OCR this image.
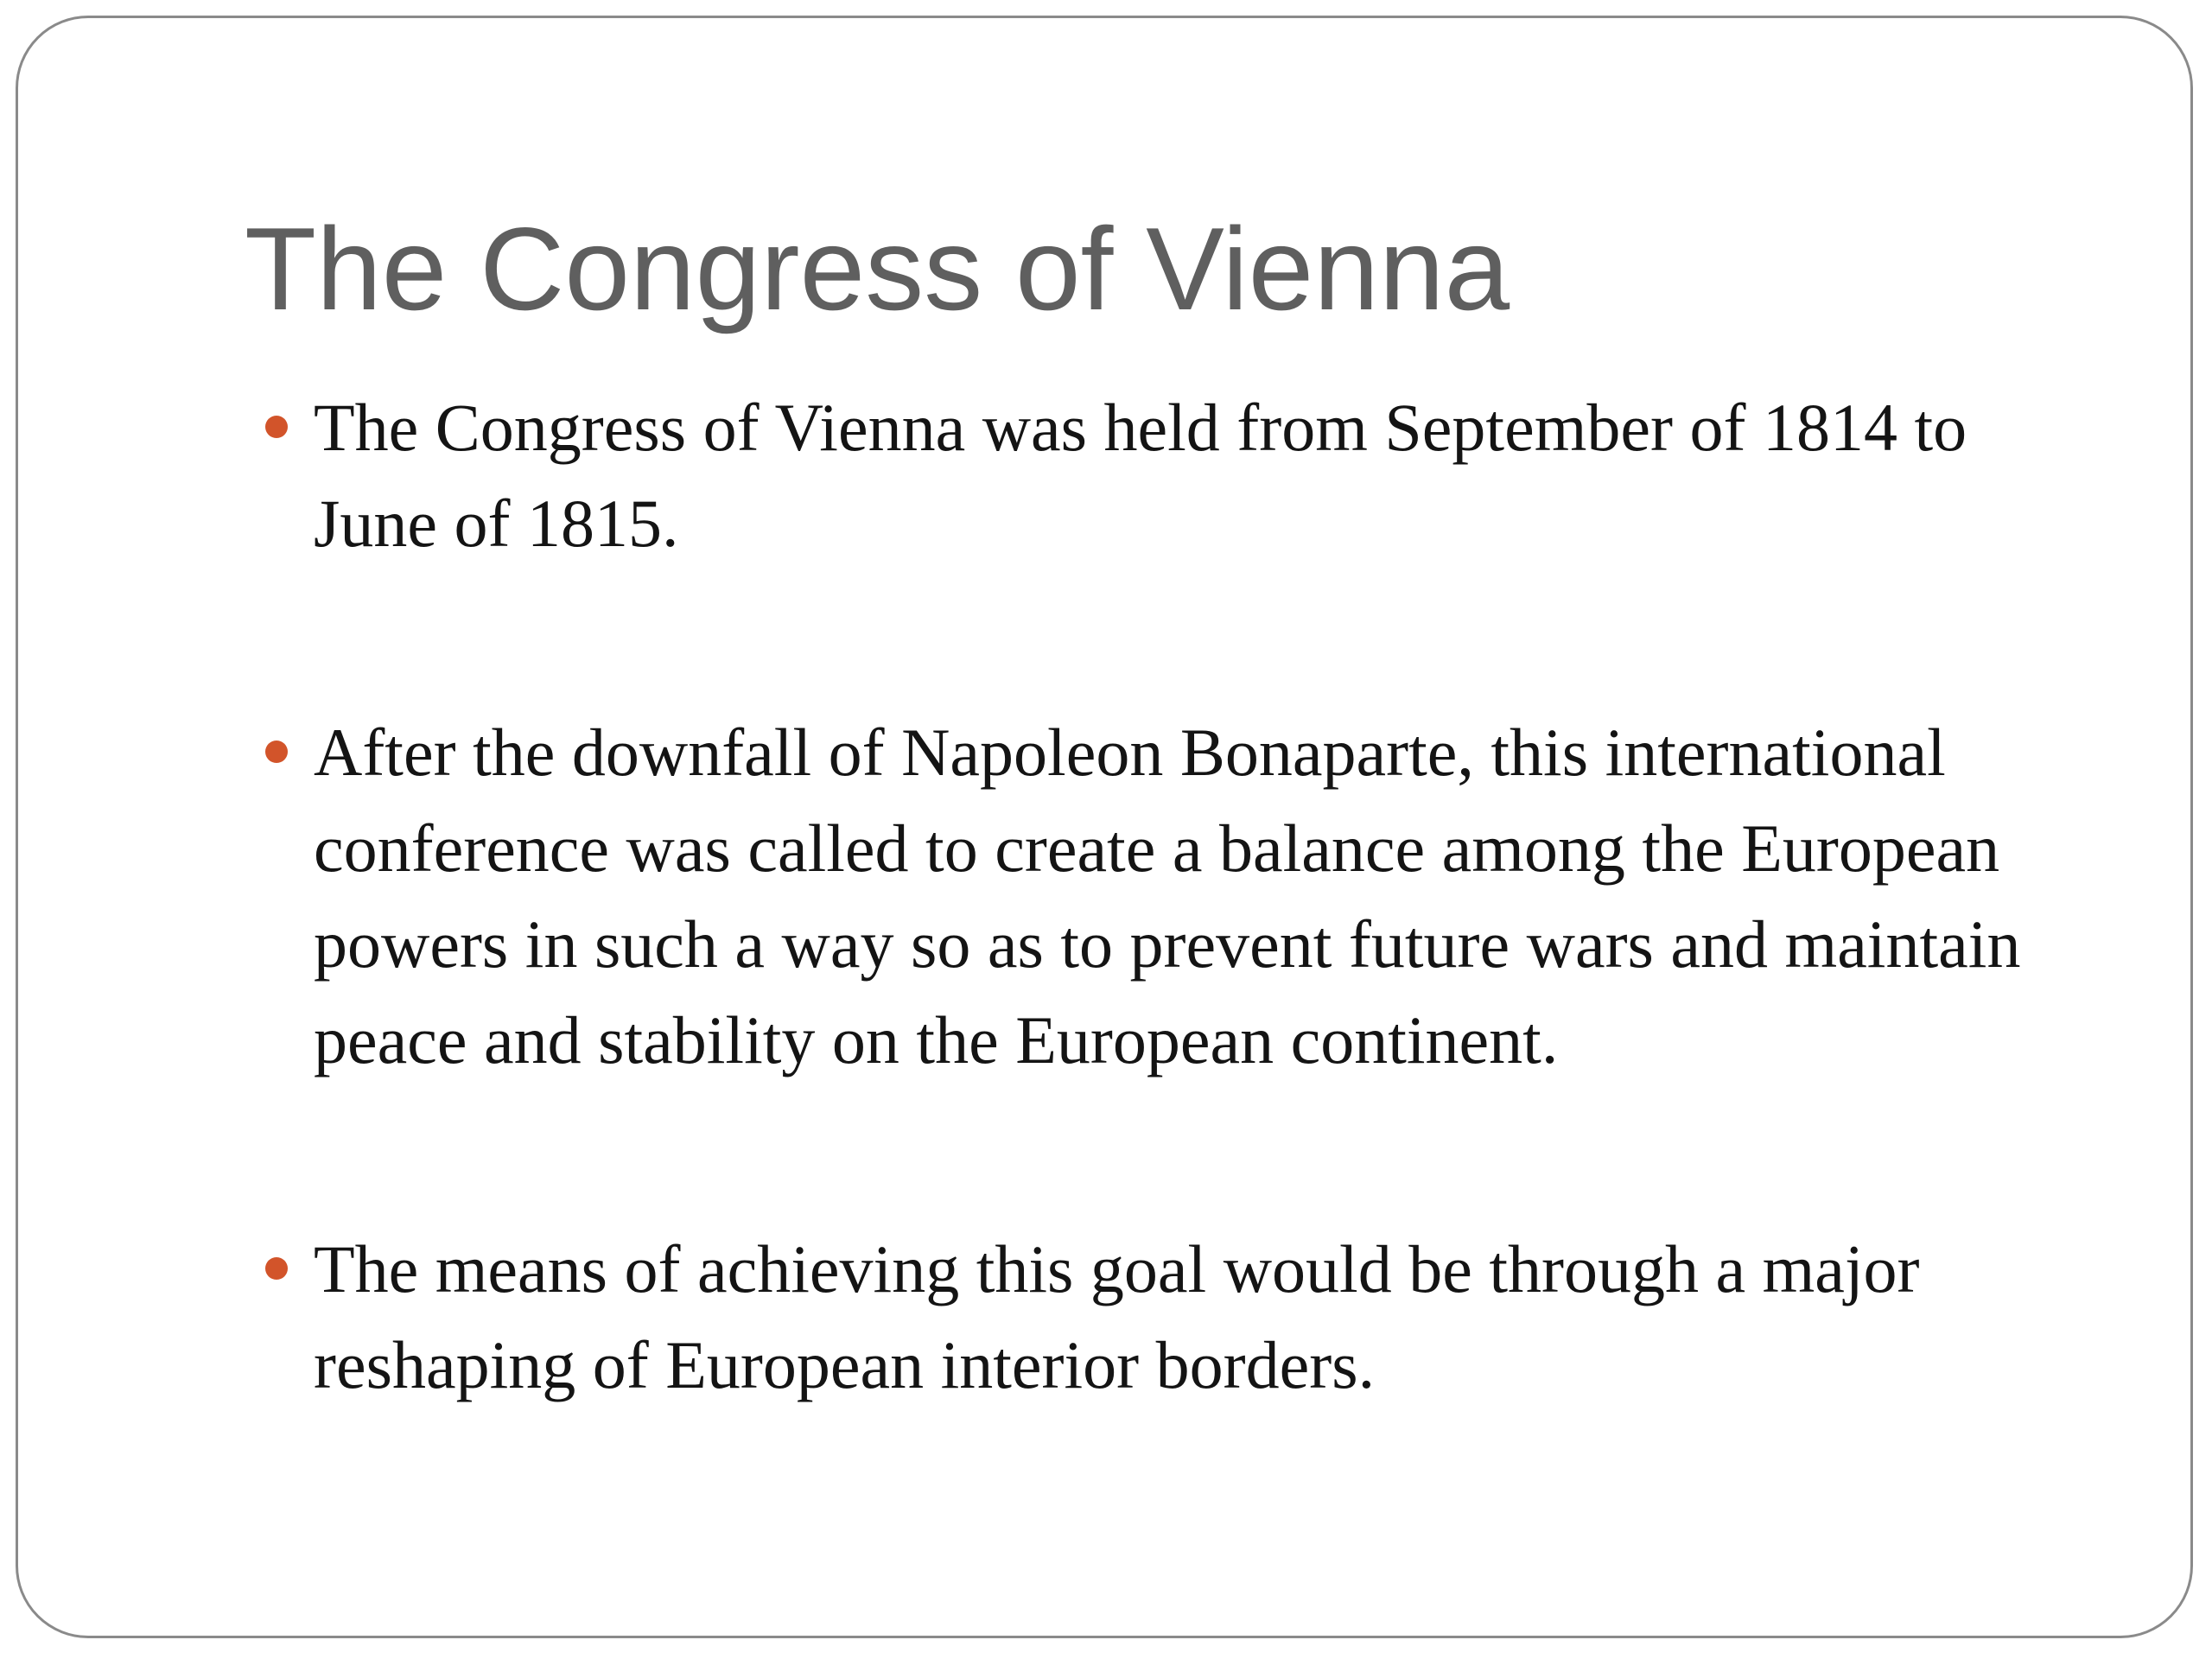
The Congress of Vienna
The Congress of Vienna was held from September of 1814 to June of 1815.
After the downfall of Napoleon Bonaparte, this international conference was called to create a balance among the European powers in such a way so as to prevent future wars and maintain peace and stability on the European continent.
The means of achieving this goal would be through a major reshaping of European interior borders.
